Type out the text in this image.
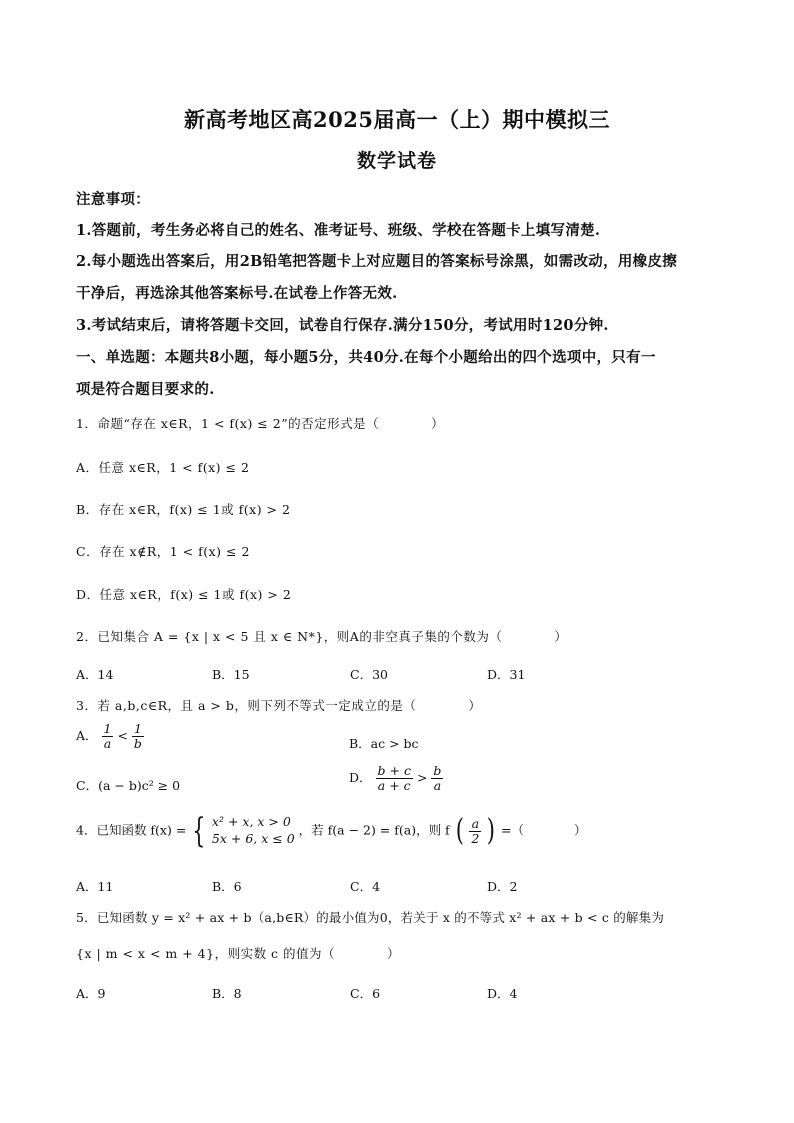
新高考地区高2025届高一（上）期中模拟三
数学试卷
注意事项：
1.答题前，考生务必将自己的姓名、准考证号、班级、学校在答题卡上填写清楚.
2.每小题选出答案后，用2B铅笔把答题卡上对应题目的答案标号涂黑，如需改动，用橡皮擦
干净后，再选涂其他答案标号.在试卷上作答无效.
3.考试结束后，请将答题卡交回，试卷自行保存.满分150分，考试用时120分钟.
一、单选题：本题共8小题，每小题5分，共40分.在每个小题给出的四个选项中，只有一
项是符合题目要求的.
1．命题“存在 x∈R，1 < f(x) ≤ 2”的否定形式是（　　　　）
A．任意 x∈R，1 < f(x) ≤ 2
B．存在 x∈R，f(x) ≤ 1或 f(x) > 2
C．存在 x∉R，1 < f(x) ≤ 2
D．任意 x∈R，f(x) ≤ 1或 f(x) > 2
2．已知集合 A = {x | x < 5 且 x ∈ N*}，则A的非空真子集的个数为（　　　　）
A．14	B．15	C．30	D．31
3．若 a,b,c∈R，且 a > b，则下列不等式一定成立的是（　　　　）
A． $\frac{1}{a} < \frac{1}{b}$	B．ac > bc
C．(a − b)c² ≥ 0
D． $\frac{b + c}{a + c} > \frac{b}{a}$
4．已知函数 f(x) = { x² + x, x > 0
5x + 6, x ≤ 0
，若 f(a − 2) = f(a)，则 f ( $\frac{a}{2}$ ) =（　　　　）
A．11	B．6	C．4	D．2
5．已知函数 y = x² + ax + b（a,b∈R）的最小值为0，若关于 x 的不等式 x² + ax + b < c 的解集为
{x | m < x < m + 4}，则实数 c 的值为（　　　　）
A．9	B．8	C．6	D．4
